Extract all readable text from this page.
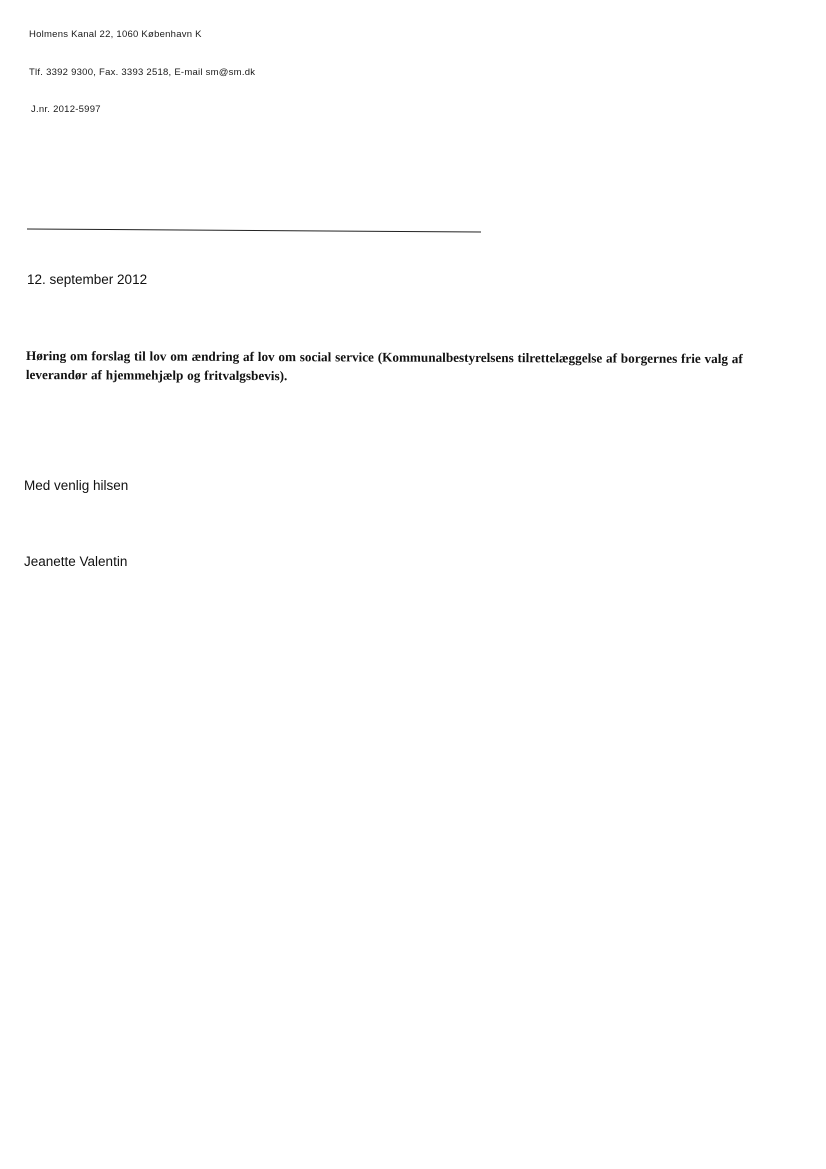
Holmens Kanal 22, 1060 København K
Tlf. 3392 9300, Fax. 3393 2518, E-mail sm@sm.dk
J.nr. 2012-5997
12. september 2012
Høring om forslag til lov om ændring af lov om social service (Kommunalbestyrelsens tilrettelæggelse af borgernes frie valg af leverandør af hjemmehjælp og fritvalgsbevis).
Med venlig hilsen
Jeanette Valentin
